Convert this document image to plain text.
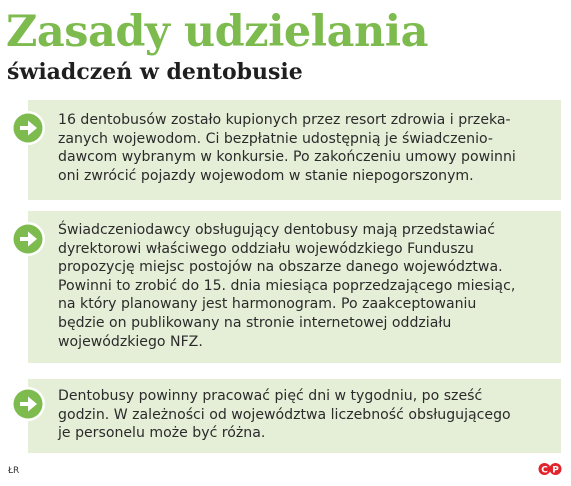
Zasady udzielania
świadczeń w dentobusie
16 dentobusów zostało kupionych przez resort zdrowia i przeka-
zanych wojewodom. Ci bezpłatnie udostępnią je świadczenio-
dawcom wybranym w konkursie. Po zakończeniu umowy powinni
oni zwrócić pojazdy wojewodom w stanie niepogorszonym.
Świadczeniodawcy obsługujący dentobusy mają przedstawiać
dyrektorowi właściwego oddziału wojewódzkiego Funduszu
propozycję miejsc postojów na obszarze danego województwa.
Powinni to zrobić do 15. dnia miesiąca poprzedzającego miesiąc,
na który planowany jest harmonogram. Po zaakceptowaniu
będzie on publikowany na stronie internetowej oddziału
wojewódzkiego NFZ.
Dentobusy powinny pracować pięć dni w tygodniu, po sześć
godzin. W zależności od województwa liczebność obsługującego
je personelu może być różna.
ŁR	C P
